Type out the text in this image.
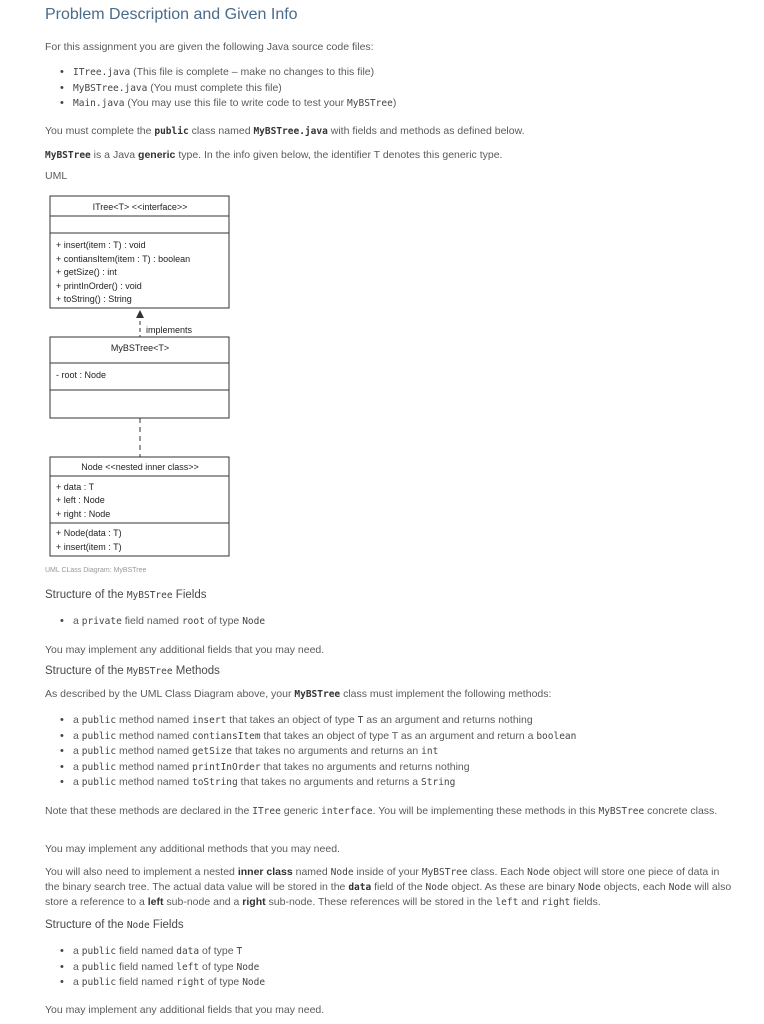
Problem Description and Given Info
For this assignment you are given the following Java source code files:
• ITree.java (This file is complete – make no changes to this file)
• MyBSTree.java (You must complete this file)
• Main.java (You may use this file to write code to test your MyBSTree)
You must complete the public class named MyBSTree.java with fields and methods as defined below.
MyBSTree is a Java generic type. In the info given below, the identifier T denotes this generic type.
UML
ITree<T> <<interface>>
+ insert(item : T) : void
+ contiansItem(item : T) : boolean
+ getSize() : int
+ printInOrder() : void
+ toString() : String
implements
MyBSTree<T>
- root : Node
Node <<nested inner class>>
+ data : T
+ left : Node
+ right : Node
+ Node(data : T)
+ insert(item : T)
UML CLass Diagram: MyBSTree
Structure of the MyBSTree Fields
• a private field named root of type Node
You may implement any additional fields that you may need.
Structure of the MyBSTree Methods
As described by the UML Class Diagram above, your MyBSTree class must implement the following methods:
• a public method named insert that takes an object of type T as an argument and returns nothing
• a public method named contiansItem that takes an object of type T as an argument and return a boolean
• a public method named getSize that takes no arguments and returns an int
• a public method named printInOrder that takes no arguments and returns nothing
• a public method named toString that takes no arguments and returns a String
Note that these methods are declared in the ITree generic interface. You will be implementing these methods in this MyBSTree concrete class.
You may implement any additional methods that you may need.
You will also need to implement a nested inner class named Node inside of your MyBSTree class. Each Node object will store one piece of data in the binary search tree. The actual data value will be stored in the data field of the Node object. As these are binary Node objects, each Node will also store a reference to a left sub-node and a right sub-node. These references will be stored in the left and right fields.
Structure of the Node Fields
• a public field named data of type T
• a public field named left of type Node
• a public field named right of type Node
You may implement any additional fields that you may need.
